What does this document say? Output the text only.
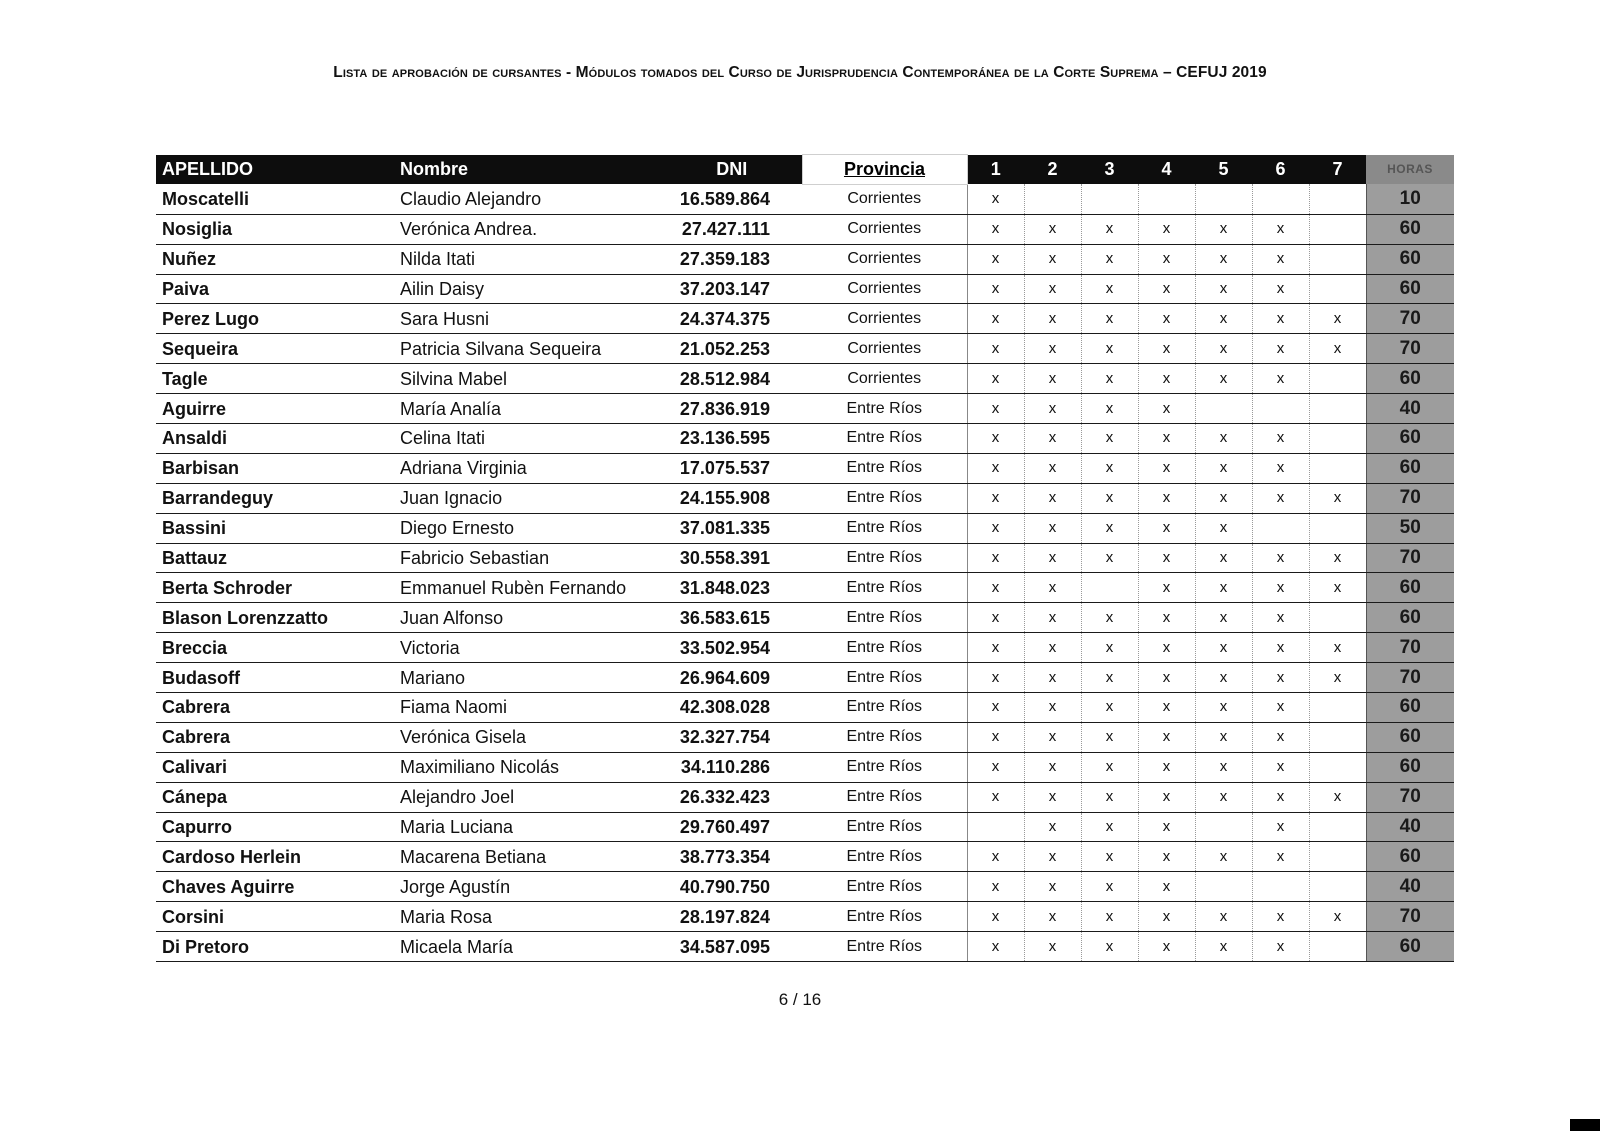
Lista de aprobación de cursantes - Módulos tomados del Curso de Jurisprudencia Contemporánea de la Corte Suprema – CEFUJ 2019
APELLIDO	Nombre	DNI	Provincia	1	2	3	4	5	6	7	HORAS
Moscatelli	Claudio Alejandro	16.589.864	Corrientes	x							10
Nosiglia	Verónica Andrea.	27.427.111	Corrientes	x	x	x	x	x	x		60
Nuñez	Nilda Itati	27.359.183	Corrientes	x	x	x	x	x	x		60
Paiva	Ailin Daisy	37.203.147	Corrientes	x	x	x	x	x	x		60
Perez Lugo	Sara Husni	24.374.375	Corrientes	x	x	x	x	x	x	x	70
Sequeira	Patricia Silvana Sequeira	21.052.253	Corrientes	x	x	x	x	x	x	x	70
Tagle	Silvina Mabel	28.512.984	Corrientes	x	x	x	x	x	x		60
Aguirre	María Analía	27.836.919	Entre Ríos	x	x	x	x				40
Ansaldi	Celina Itati	23.136.595	Entre Ríos	x	x	x	x	x	x		60
Barbisan	Adriana Virginia	17.075.537	Entre Ríos	x	x	x	x	x	x		60
Barrandeguy	Juan Ignacio	24.155.908	Entre Ríos	x	x	x	x	x	x	x	70
Bassini	Diego Ernesto	37.081.335	Entre Ríos	x	x	x	x	x			50
Battauz	Fabricio Sebastian	30.558.391	Entre Ríos	x	x	x	x	x	x	x	70
Berta Schroder	Emmanuel Rubèn Fernando	31.848.023	Entre Ríos	x	x		x	x	x	x	60
Blason Lorenzzatto	Juan Alfonso	36.583.615	Entre Ríos	x	x	x	x	x	x		60
Breccia	Victoria	33.502.954	Entre Ríos	x	x	x	x	x	x	x	70
Budasoff	Mariano	26.964.609	Entre Ríos	x	x	x	x	x	x	x	70
Cabrera	Fiama Naomi	42.308.028	Entre Ríos	x	x	x	x	x	x		60
Cabrera	Verónica Gisela	32.327.754	Entre Ríos	x	x	x	x	x	x		60
Calivari	Maximiliano Nicolás	34.110.286	Entre Ríos	x	x	x	x	x	x		60
Cánepa	Alejandro Joel	26.332.423	Entre Ríos	x	x	x	x	x	x	x	70
Capurro	Maria Luciana	29.760.497	Entre Ríos		x	x	x		x		40
Cardoso Herlein	Macarena Betiana	38.773.354	Entre Ríos	x	x	x	x	x	x		60
Chaves Aguirre	Jorge Agustín	40.790.750	Entre Ríos	x	x	x	x				40
Corsini	Maria Rosa	28.197.824	Entre Ríos	x	x	x	x	x	x	x	70
Di Pretoro	Micaela María	34.587.095	Entre Ríos	x	x	x	x	x	x		60
6 / 16
